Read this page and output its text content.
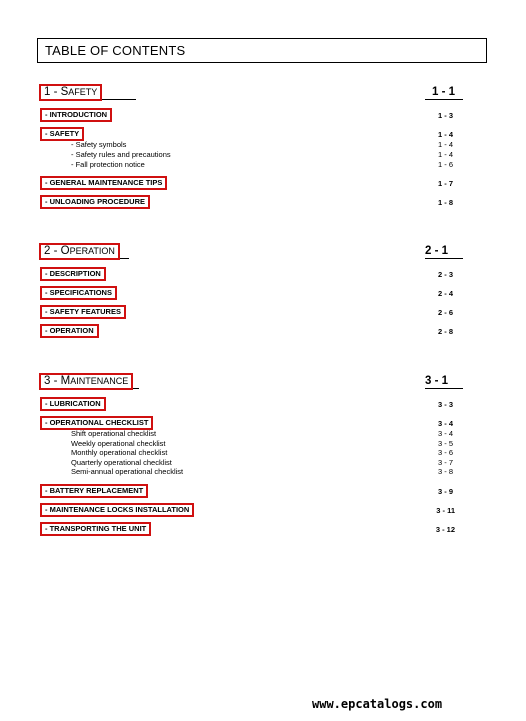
TABLE OF CONTENTS
1 - SAFETY	1 - 1
- INTRODUCTION	1 - 3
- SAFETY	1 - 4
- Safety symbols	1 - 4
- Safety rules and precautions	1 - 4
- Fall protection notice	1 - 6
- GENERAL MAINTENANCE TIPS	1 - 7
- UNLOADING PROCEDURE	1 - 8
2 - OPERATION	2 - 1
- DESCRIPTION	2 - 3
- SPECIFICATIONS	2 - 4
- SAFETY FEATURES	2 - 6
- OPERATION	2 - 8
3 - MAINTENANCE	3 - 1
- LUBRICATION	3 - 3
- OPERATIONAL CHECKLIST	3 - 4
Shift operational checklist	3 - 4
Weekly operational checklist	3 - 5
Monthly operational checklist	3 - 6
Quarterly operational checklist	3 - 7
Semi-annual operational checklist	3 - 8
- BATTERY REPLACEMENT	3 - 9
- MAINTENANCE LOCKS INSTALLATION	3 - 11
- TRANSPORTING THE UNIT	3 - 12
www.epcatalogs.com
